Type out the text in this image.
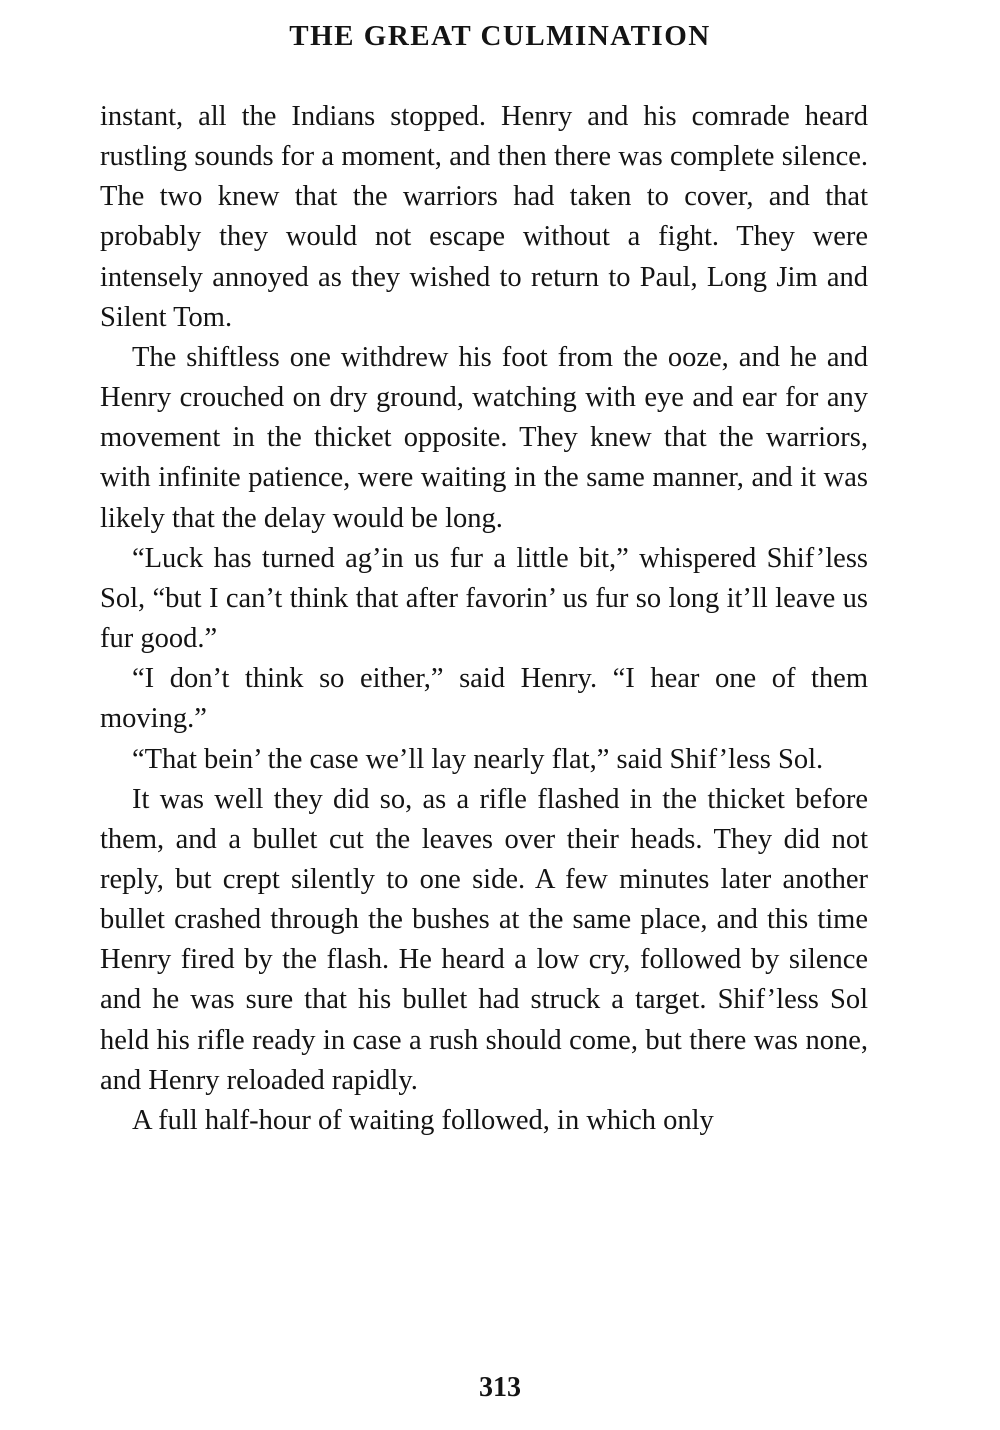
THE GREAT CULMINATION

instant, all the Indians stopped. Henry and his comrade heard rustling sounds for a moment, and then there was complete silence. The two knew that the warriors had taken to cover, and that probably they would not escape without a fight. They were intensely annoyed as they wished to return to Paul, Long Jim and Silent Tom.

The shiftless one withdrew his foot from the ooze, and he and Henry crouched on dry ground, watching with eye and ear for any movement in the thicket opposite. They knew that the warriors, with infinite patience, were waiting in the same manner, and it was likely that the delay would be long.

“Luck has turned ag’in us fur a little bit,” whispered Shif’less Sol, “but I can’t think that after favorin’ us fur so long it’ll leave us fur good.”

“I don’t think so either,” said Henry. “I hear one of them moving.”

“That bein’ the case we’ll lay nearly flat,” said Shif’less Sol.

It was well they did so, as a rifle flashed in the thicket before them, and a bullet cut the leaves over their heads. They did not reply, but crept silently to one side. A few minutes later another bullet crashed through the bushes at the same place, and this time Henry fired by the flash. He heard a low cry, followed by silence and he was sure that his bullet had struck a target. Shif’less Sol held his rifle ready in case a rush should come, but there was none, and Henry reloaded rapidly.

A full half-hour of waiting followed, in which only

313
